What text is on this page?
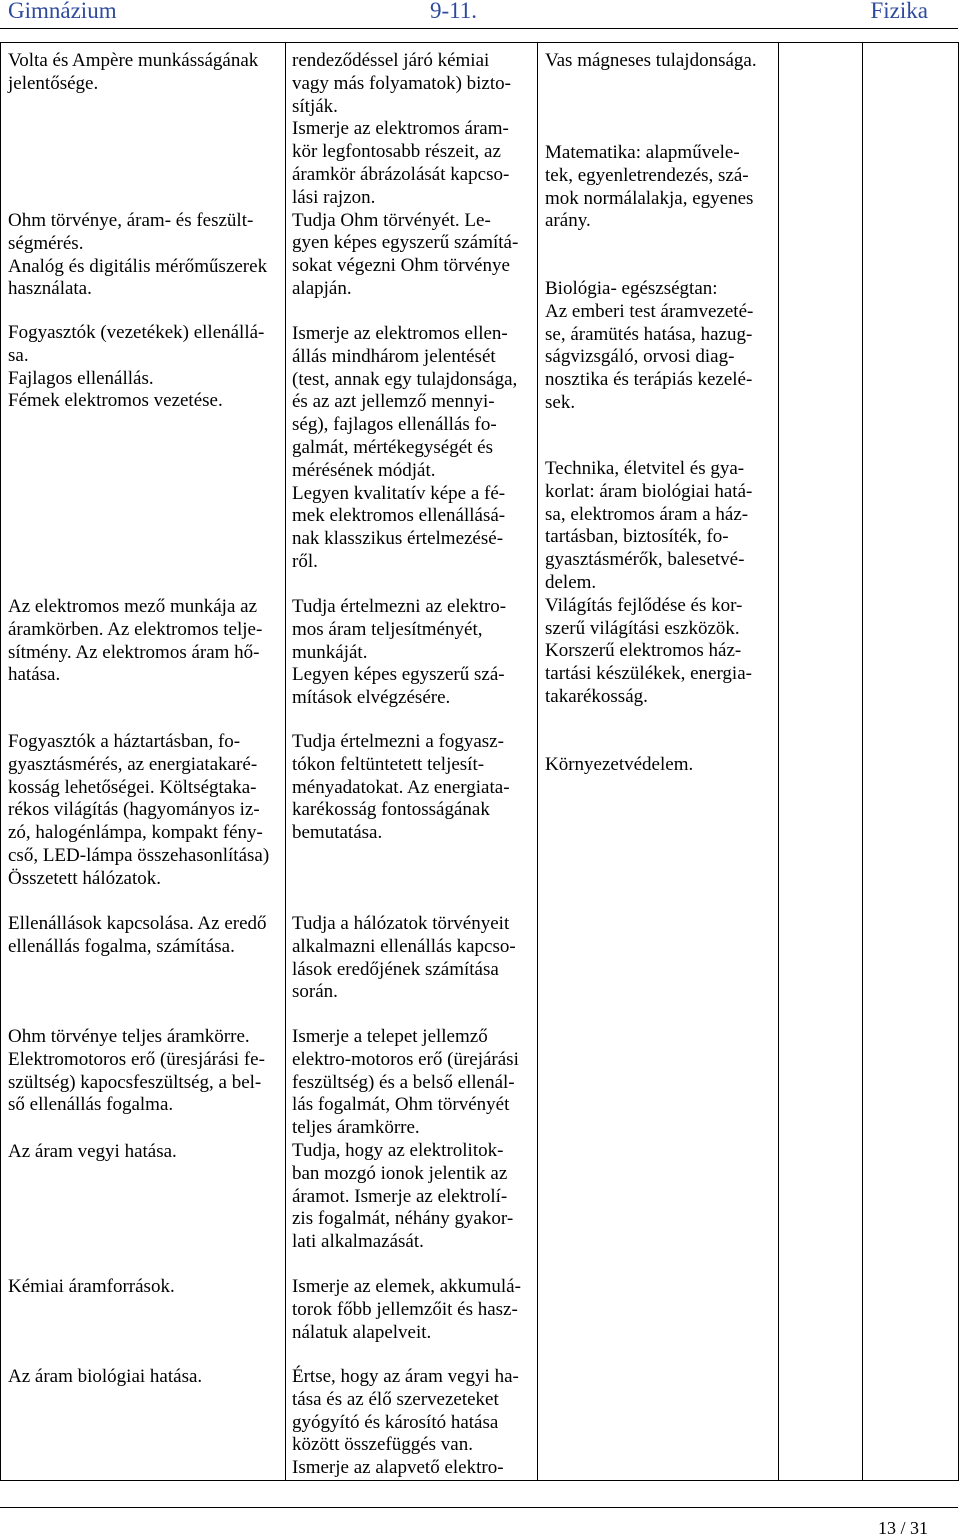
Gimnázium	9-11.	Fizika
Volta és Ampère munkásságának
jelentősége.
Ohm törvénye, áram- és feszült-
ségmérés.
Analóg és digitális mérőműszerek
használata.
Fogyasztók (vezetékek) ellenállá-
sa.
Fajlagos ellenállás.
Fémek elektromos vezetése.
Az elektromos mező munkája az
áramkörben. Az elektromos telje-
sítmény. Az elektromos áram hő-
hatása.
Fogyasztók a háztartásban, fo-
gyasztásmérés, az energiatakaré-
kosság lehetőségei. Költségtaka-
rékos világítás (hagyományos iz-
zó, halogénlámpa, kompakt fény-
cső, LED-lámpa összehasonlítása)
Összetett hálózatok.
Ellenállások kapcsolása. Az eredő
ellenállás fogalma, számítása.
Ohm törvénye teljes áramkörre.
Elektromotoros erő (üresjárási fe-
szültség) kapocsfeszültség, a bel-
ső ellenállás fogalma.
Az áram vegyi hatása.
Kémiai áramforrások.
Az áram biológiai hatása.
rendeződéssel járó kémiai
vagy más folyamatok) bizto-
sítják.
Ismerje az elektromos áram-
kör legfontosabb részeit, az
áramkör ábrázolását kapcso-
lási rajzon.
Tudja Ohm törvényét. Le-
gyen képes egyszerű számítá-
sokat végezni Ohm törvénye
alapján.
Ismerje az elektromos ellen-
állás mindhárom jelentését
(test, annak egy tulajdonsága,
és az azt jellemző mennyi-
ség), fajlagos ellenállás fo-
galmát, mértékegységét és
mérésének módját.
Legyen kvalitatív képe a fé-
mek elektromos ellenállásá-
nak klasszikus értelmezésé-
ről.
Tudja értelmezni az elektro-
mos áram teljesítményét,
munkáját.
Legyen képes egyszerű szá-
mítások elvégzésére.
Tudja értelmezni a fogyasz-
tókon feltüntetett teljesít-
ményadatokat. Az energiata-
karékosság fontosságának
bemutatása.
Tudja a hálózatok törvényeit
alkalmazni ellenállás kapcso-
lások eredőjének számítása
során.
Ismerje a telepet jellemző
elektro-motoros erő (ürejárási
feszültség) és a belső ellenál-
lás fogalmát, Ohm törvényét
teljes áramkörre.
Tudja, hogy az elektrolitok-
ban mozgó ionok jelentik az
áramot. Ismerje az elektrolí-
zis fogalmát, néhány gyakor-
lati alkalmazását.
Ismerje az elemek, akkumulá-
torok főbb jellemzőit és hasz-
nálatuk alapelveit.
Értse, hogy az áram vegyi ha-
tása és az élő szervezeteket
gyógyító és károsító hatása
között összefüggés van.
Ismerje az alapvető elektro-
Vas mágneses tulajdonsága.
Matematika: alapművele-
tek, egyenletrendezés, szá-
mok normálalakja, egyenes
arány.
Biológia- egészségtan:
Az emberi test áramvezeté-
se, áramütés hatása, hazug-
ságvizsgáló, orvosi diag-
nosztika és terápiás kezelé-
sek.
Technika, életvitel és gya-
korlat: áram biológiai hatá-
sa, elektromos áram a ház-
tartásban, biztosíték, fo-
gyasztásmérők, balesetvé-
delem.
Világítás fejlődése és kor-
szerű világítási eszközök.
Korszerű elektromos ház-
tartási készülékek, energia-
takarékosság.
Környezetvédelem.
13 / 31
